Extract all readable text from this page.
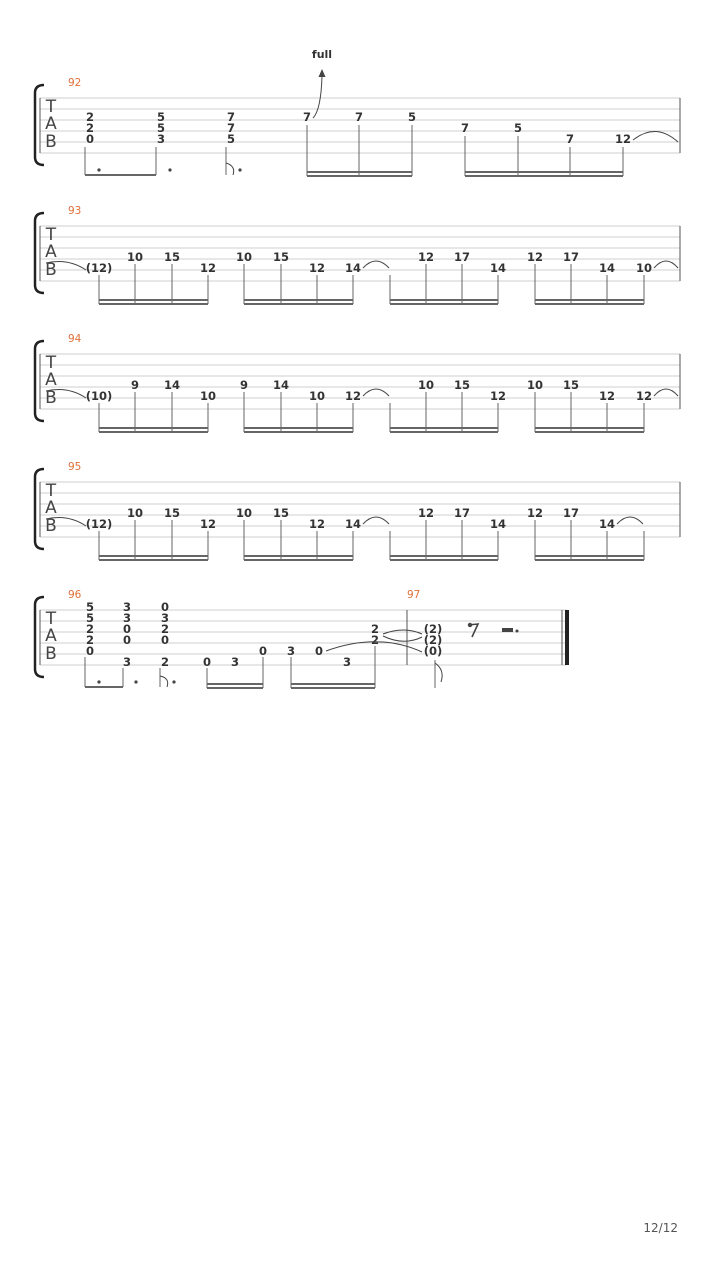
T
A
B
92
2
2
0
5
5
3
7
7
5
7	7	5
7	5
7	12
full
T
A
B
93
(12)
10 15
12
10 15
12 14
12 17
14
12 17
14 10
T
A
B
94
(10)
9 14
10
9 14
10 12
10 15
12
10 15
12 12
T
A
B
95
(12)
10 15
12
10 15
12 14
12 17
14
12 17
14
T
A
B
96	97
5
5
2
2
0
3
3
0
0
3
0
3
2
0
2	0 3
0 3 0
3
2
2
(2)
(2)
(0)
12/12
